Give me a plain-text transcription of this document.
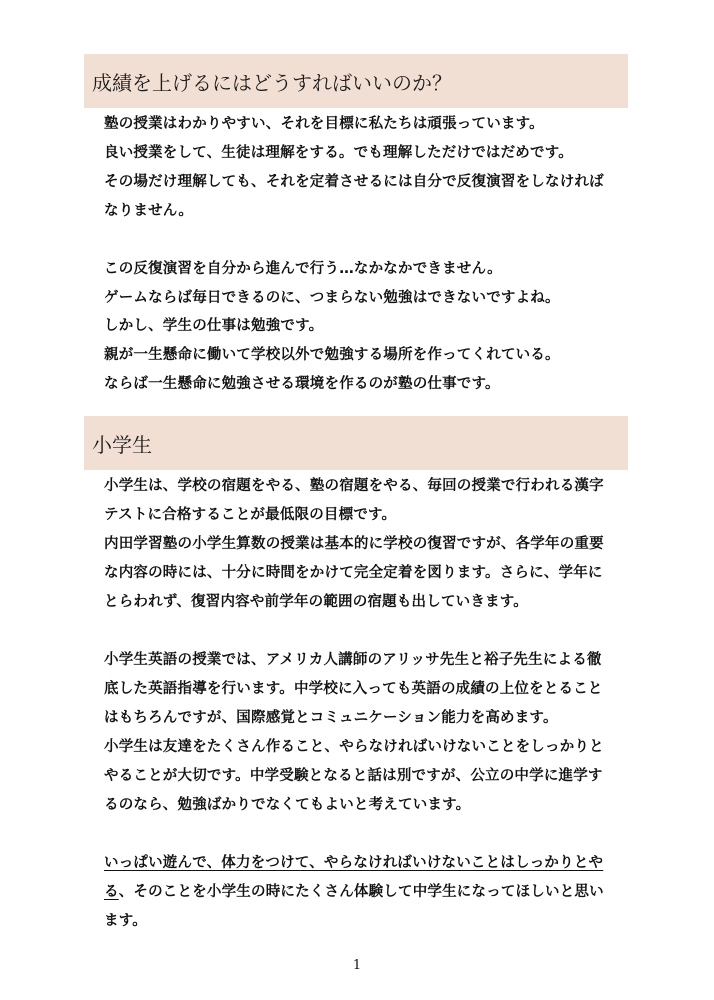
成績を上げるにはどうすればいいのか？
塾の授業はわかりやすい、それを目標に私たちは頑張っています。
良い授業をして、生徒は理解をする。でも理解しただけではだめです。
その場だけ理解しても、それを定着させるには自分で反復演習をしなければ
なりません。
この反復演習を自分から進んで行う…なかなかできません。
ゲームならば毎日できるのに、つまらない勉強はできないですよね。
しかし、学生の仕事は勉強です。
親が一生懸命に働いて学校以外で勉強する場所を作ってくれている。
ならば一生懸命に勉強させる環境を作るのが塾の仕事です。
小学生
小学生は、学校の宿題をやる、塾の宿題をやる、毎回の授業で行われる漢字
テストに合格することが最低限の目標です。
内田学習塾の小学生算数の授業は基本的に学校の復習ですが、各学年の重要
な内容の時には、十分に時間をかけて完全定着を図ります。さらに、学年に
とらわれず、復習内容や前学年の範囲の宿題も出していきます。
小学生英語の授業では、アメリカ人講師のアリッサ先生と裕子先生による徹
底した英語指導を行います。中学校に入っても英語の成績の上位をとること
はもちろんですが、国際感覚とコミュニケーション能力を高めます。
小学生は友達をたくさん作ること、やらなければいけないことをしっかりと
やることが大切です。中学受験となると話は別ですが、公立の中学に進学す
るのなら、勉強ばかりでなくてもよいと考えています。
いっぱい遊んで、体力をつけて、やらなければいけないことはしっかりとや
る、そのことを小学生の時にたくさん体験して中学生になってほしいと思い
ます。
1
